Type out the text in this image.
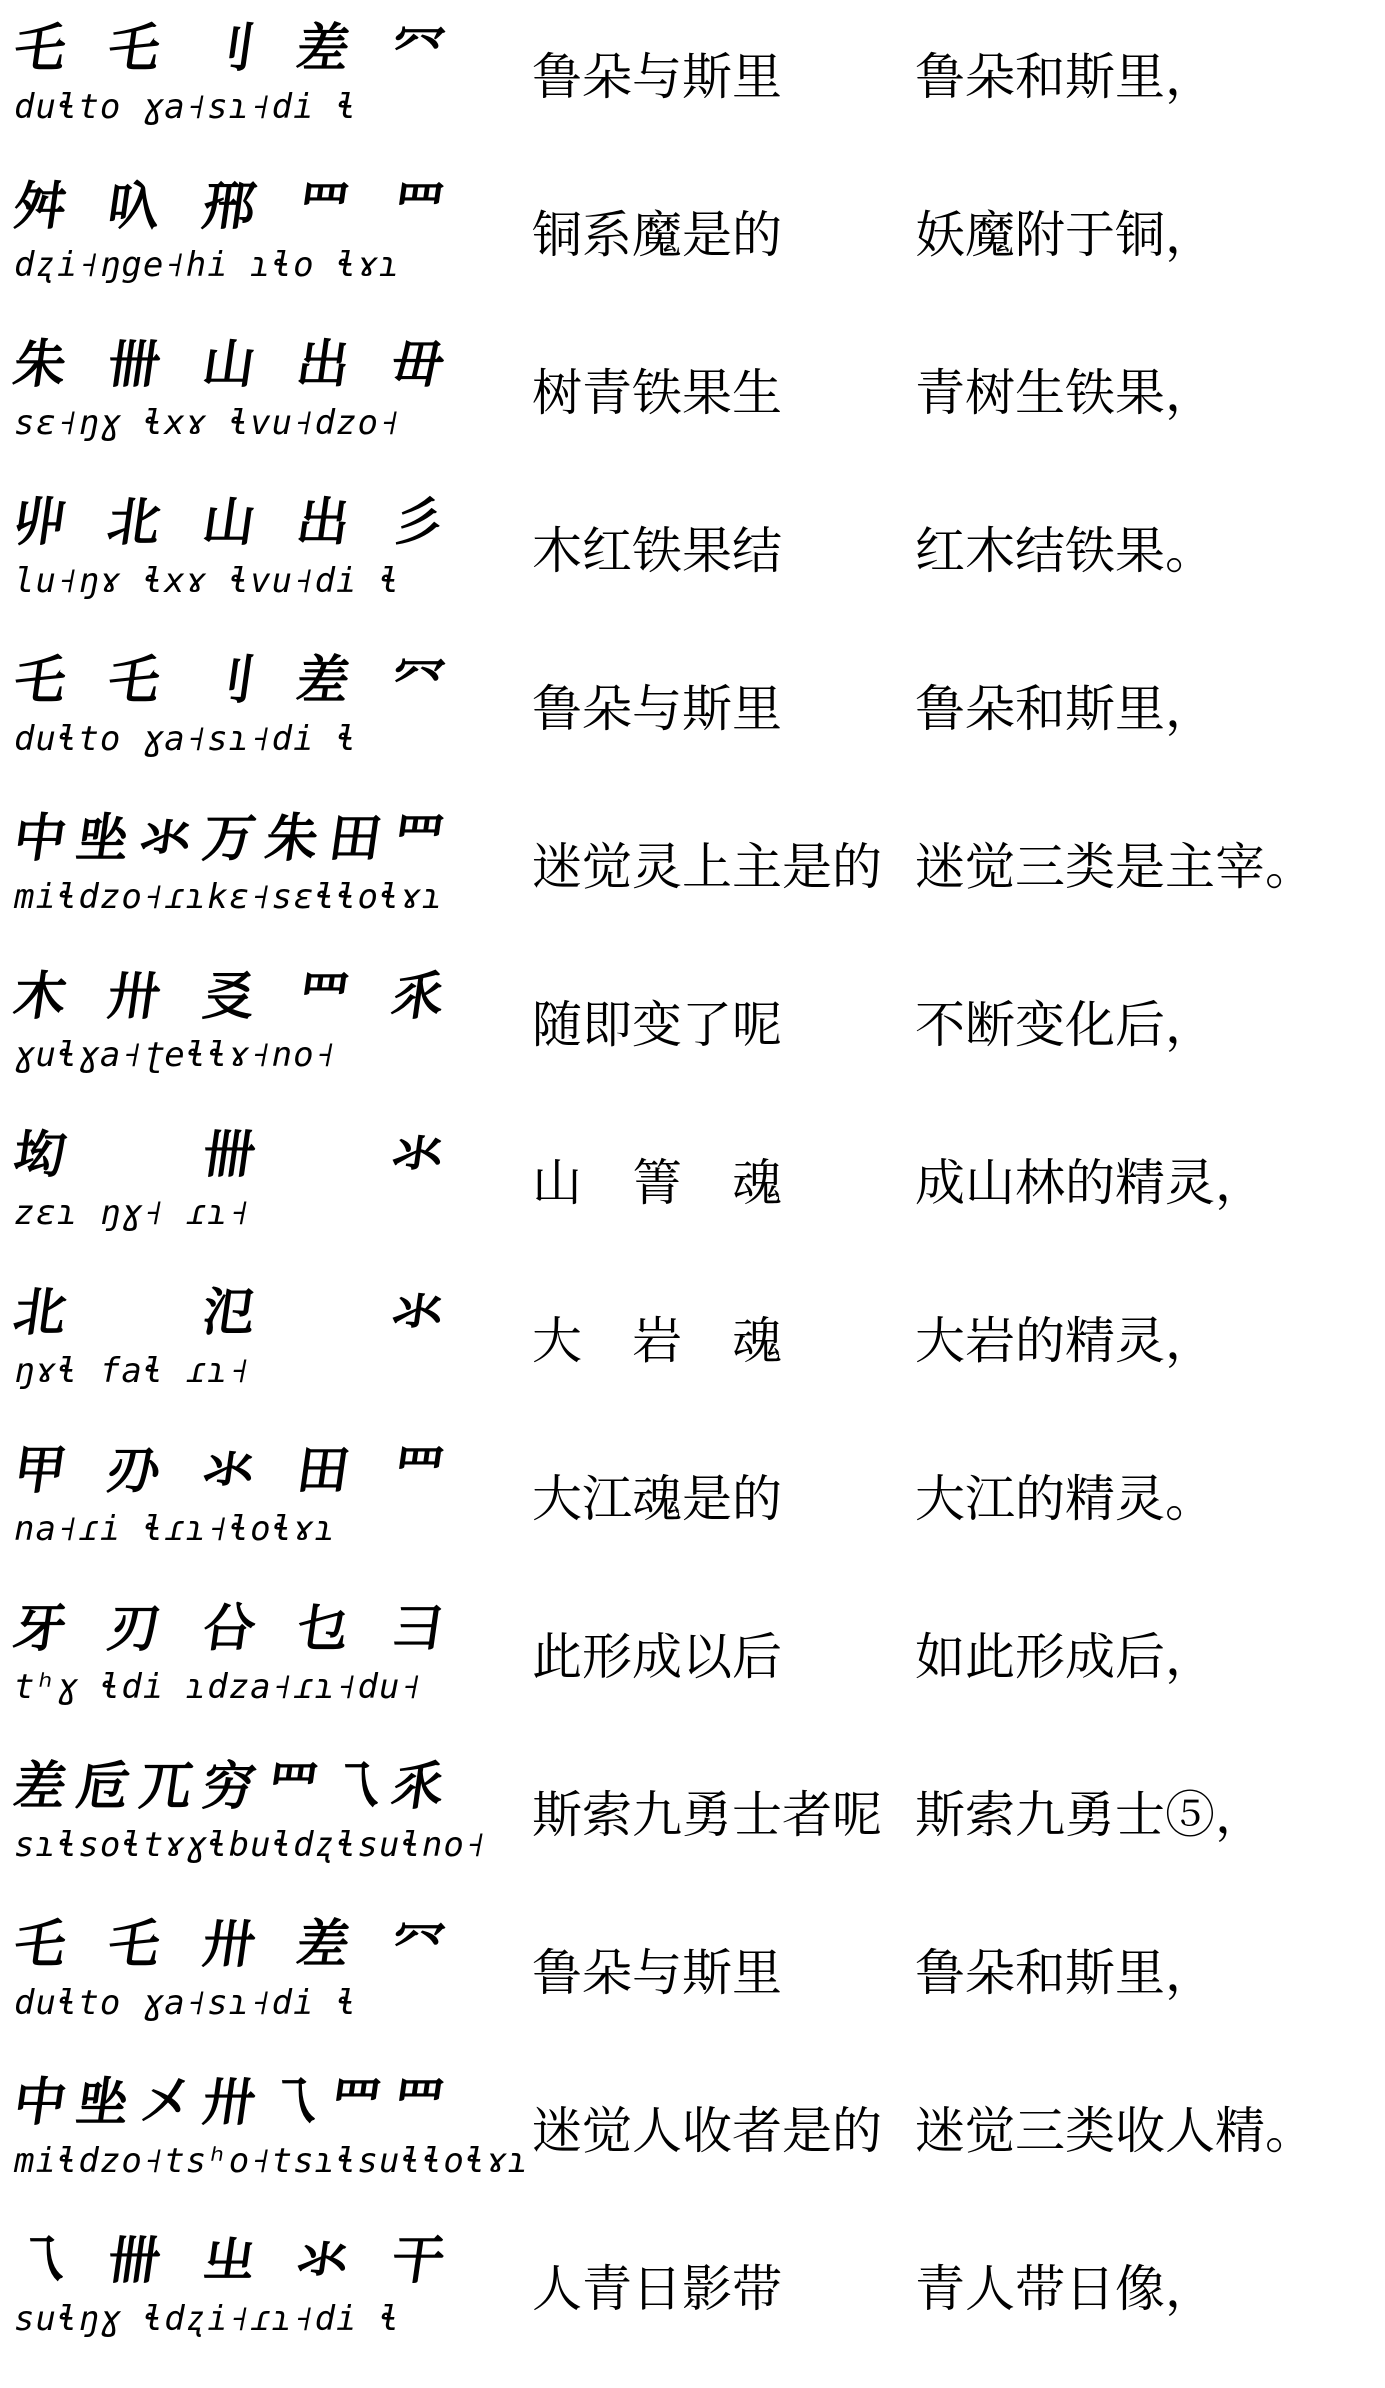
乇 乇 刂 差 㓁
duɬto ɣa˧sɿ˧di ɬ
鲁朵与斯里	鲁朵和斯里，
舛 叺 郉 罒 罒
dʐi˧ŋge˧hi ɿɬo ɬɤɿ
铜系魔是的	妖魔附于铜，
朱 卌 山 出 毌
sɛ˧ŋɣ ɬxɤ ɬvu˧dzo˧
树青铁果生	青树生铁果，
丱 北 山 出 彡
lu˧ŋɤ ɬxɤ ɬvu˧di ɬ
木红铁果结	红木结铁果。
乇 乇 刂 差 㓁
duɬto ɣa˧sɿ˧di ɬ
鲁朵与斯里	鲁朵和斯里，
中 㘴 氺 万 朱 田 罒
miɬdzo˧ɾɿkɛ˧sɛɬɬoɬɤɿ
迷觉灵上主是的 迷觉三类是主宰。
木 卅 㕛 罒 乑
ɣuɬɣa˧ʈeɬɬɤ˧no˧
随即变了呢	不断变化后，
㘭 卌 氺
zɛɿ ŋɣ˧ ɾɿ˧
山　箐　魂	成山林的精灵，
北 氾 氺
ŋɤɬ faɬ ɾɿ˧
大　岩　魂	大岩的精灵，
甲 刅 氺 田 罒
na˧ɾi ɬɾɿ˧ɬoɬɤɿ
大江魂是的	大江的精灵。
牙 刃 㕣 乜 彐
tʰɣ ɬdi ɿdza˧ɾɿ˧du˧
此形成以后	如此形成后，
差 卮 兀 穷 罒 乁 乑
sɿɬsoɬtɤɣɬbuɬdʐɬsuɬno˧
斯索九勇士者呢 斯索九勇士⑤，
乇 乇 卅 差 㓁
duɬto ɣa˧sɿ˧di ɬ
鲁朵与斯里	鲁朵和斯里，
中 㘴 㐅 卅 乁 罒 罒
miɬdzo˧tsʰo˧tsɿɬsuɬɬoɬɤɿ
迷觉人收者是的 迷觉三类收人精。
乁 卌 㞢 氺 干
suɬŋɣ ɬdʐi˧ɾɿ˧di ɬ
人青日影带	青人带日像，
